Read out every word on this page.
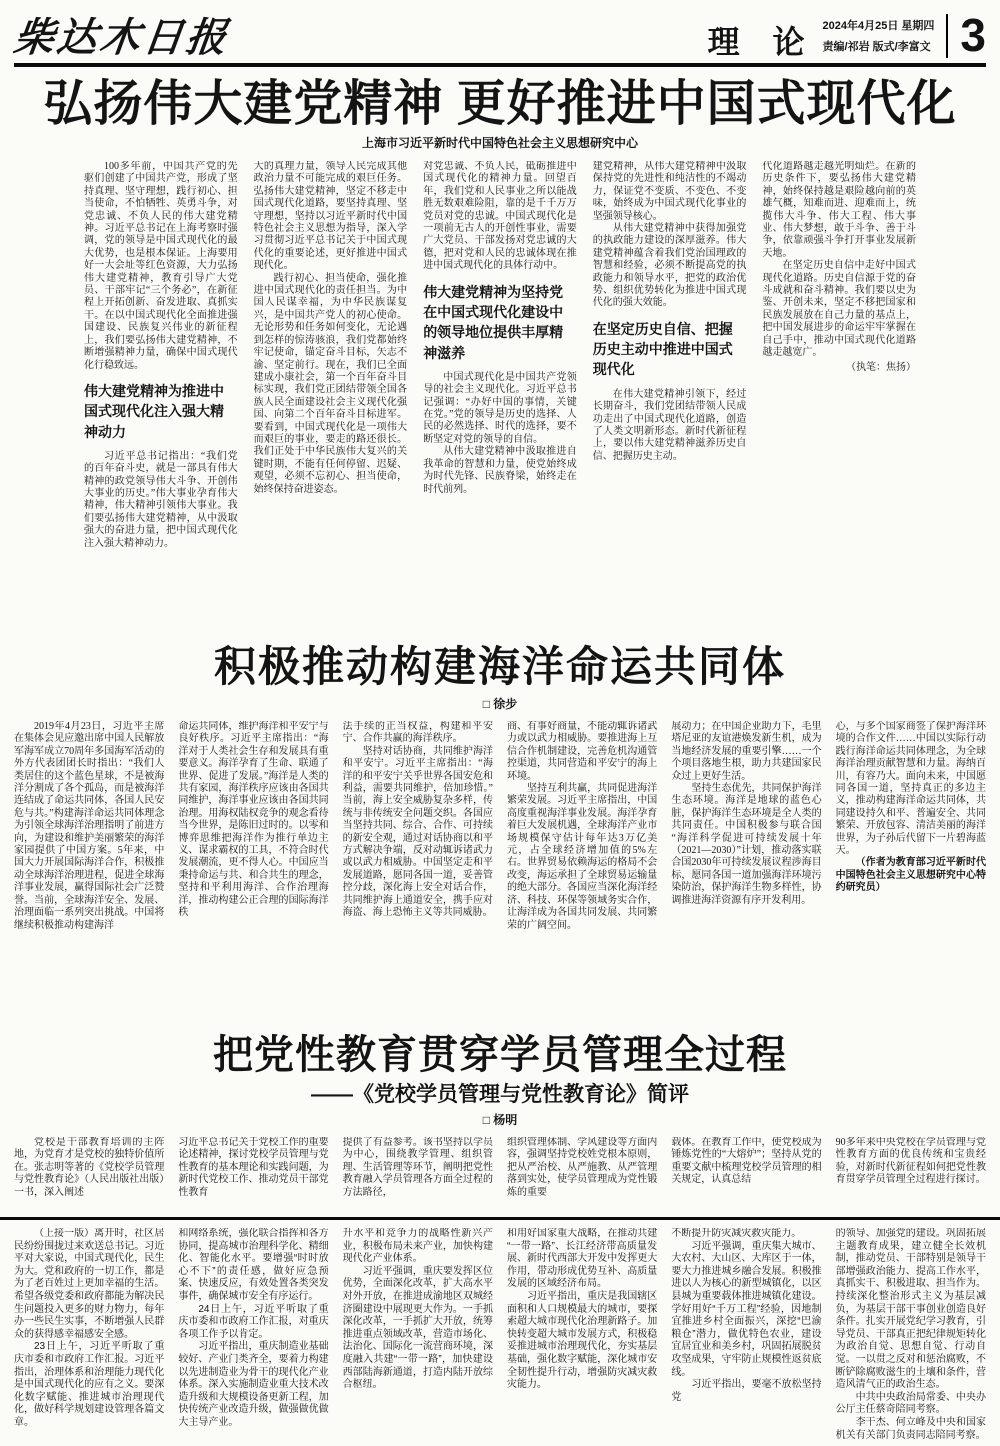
柴达木日报	理 论 2024年4月25日 星期四
责编/祁岩 版式/李富文 3
弘扬伟大建党精神 更好推进中国式现代化
上海市习近平新时代中国特色社会主义思想研究中心

100多年前，中国共产党的先驱们创建了中国共产党，形成了坚持真理、坚守理想，践行初心、担当使命，不怕牺牲、英勇斗争，对党忠诚、不负人民的伟大建党精神。习近平总书记在上海考察时强调，党的领导是中国式现代化的最大优势，也是根本保证。上海要用好一大会址等红色资源，大力弘扬伟大建党精神，教育引导广大党员、干部牢记“三个务必”，在新征程上开拓创新、奋发进取、真抓实干。在以中国式现代化全面推进强国建设、民族复兴伟业的新征程上，我们要弘扬伟大建党精神，不断增强精神力量，确保中国式现代化行稳致远。

伟大建党精神为推进中国式现代化注入强大精神动力

习近平总书记指出：“我们党的百年奋斗史，就是一部具有伟大精神的政党领导伟大斗争、开创伟大事业的历史。”伟大事业孕育伟大精神，伟大精神引领伟大事业。我们要弘扬伟大建党精神，从中汲取强大的奋进力量，把中国式现代化注入强大精神动力。

大的真理力量，领导人民完成其他政治力量不可能完成的艰巨任务。弘扬伟大建党精神，坚定不移走中国式现代化道路，要坚持真理、坚守理想，坚持以习近平新时代中国特色社会主义思想为指导，深入学习贯彻习近平总书记关于中国式现代化的重要论述，更好推进中国式现代化。

践行初心、担当使命，强化推进中国式现代化的责任担当。为中国人民谋幸福，为中华民族谋复兴，是中国共产党人的初心使命。无论形势和任务如何变化，无论遇到怎样的惊涛骇浪，我们党都始终牢记使命，锚定奋斗目标，矢志不渝、坚定前行。现在，我们已全面建成小康社会，第一个百年奋斗目标实现，我们党正团结带领全国各族人民全面建设社会主义现代化强国、向第二个百年奋斗目标进军。要看到，中国式现代化是一项伟大而艰巨的事业，要走的路还很长。我们正处于中华民族伟大复兴的关键时期，不能有任何停留、迟疑、观望，必须不忘初心、担当使命，始终保持奋进姿态。

对党忠诚、不负人民，砥砺推进中国式现代化的精神力量。回望百年，我们党和人民事业之所以能战胜无数艰难险阻，靠的是千千万万党员对党的忠诚。中国式现代化是一项前无古人的开创性事业，需要广大党员、干部发扬对党忠诚的大德，把对党和人民的忠诚体现在推进中国式现代化的具体行动中。

伟大建党精神为坚持党在中国式现代化建设中的领导地位提供丰厚精神滋养

中国式现代化是中国共产党领导的社会主义现代化。习近平总书记强调：“办好中国的事情，关键在党。”党的领导是历史的选择、人民的必然选择、时代的选择，要不断坚定对党的领导的自信。

从伟大建党精神中汲取推进自我革命的智慧和力量，使党始终成为时代先锋、民族脊梁，始终走在时代前列。

建党精神，从伟大建党精神中汲取保持党的先进性和纯洁性的不竭动力，保证党不变质、不变色、不变味，始终成为中国式现代化事业的坚强领导核心。

从伟大建党精神中获得加强党的执政能力建设的深厚滋养。伟大建党精神蕴含着我们党治国理政的智慧和经验，必须不断提高党的执政能力和领导水平，把党的政治优势、组织优势转化为推进中国式现代化的强大效能。

在坚定历史自信、把握历史主动中推进中国式现代化

在伟大建党精神引领下，经过长期奋斗，我们党团结带领人民成功走出了中国式现代化道路，创造了人类文明新形态。新时代新征程上，要以伟大建党精神滋养历史自信、把握历史主动。

代化道路越走越光明灿烂。在新的历史条件下，要弘扬伟大建党精神，始终保持越是艰险越向前的英雄气概，知难而进、迎难而上，统揽伟大斗争、伟大工程、伟大事业、伟大梦想，敢于斗争、善于斗争，依靠顽强斗争打开事业发展新天地。

在坚定历史自信中走好中国式现代化道路。历史自信源于党的奋斗成就和奋斗精神。我们要以史为鉴、开创未来，坚定不移把国家和民族发展放在自己力量的基点上，把中国发展进步的命运牢牢掌握在自己手中，推动中国式现代化道路越走越宽广。

（执笔：焦扬）

积极推动构建海洋命运共同体
□ 徐步

2019年4月23日，习近平主席在集体会见应邀出席中国人民解放军海军成立70周年多国海军活动的外方代表团团长时指出：“我们人类居住的这个蓝色星球，不是被海洋分割成了各个孤岛，而是被海洋连结成了命运共同体，各国人民安危与共。”构建海洋命运共同体理念为引领全球海洋治理指明了前进方向，为建设和维护美丽繁荣的海洋家园提供了中国方案。5年来，中国大力开展国际海洋合作，积极推动全球海洋治理进程，促进全球海洋事业发展，赢得国际社会广泛赞誉。当前，全球海洋安全、发展、治理面临一系列突出挑战。中国将继续积极推动构建海洋

命运共同体，维护海洋和平安宁与良好秩序。习近平主席指出：“海洋对于人类社会生存和发展具有重要意义。海洋孕育了生命、联通了世界、促进了发展。”海洋是人类的共有家园，海洋秩序应该由各国共同维护，海洋事业应该由各国共同治理。用海权陆权竞争的观念看待当今世界，是陈旧过时的。以零和博弈思维把海洋作为推行单边主义、谋求霸权的工具，不符合时代发展潮流，更不得人心。中国应当秉持命运与共、和合共生的理念，坚持和平利用海洋、合作治理海洋，推动构建公正合理的国际海洋秩

法手续的正当权益，构建和平安宁、合作共赢的海洋秩序。

坚持对话协商，共同维护海洋和平安宁。习近平主席指出：“海洋的和平安宁关乎世界各国安危和利益，需要共同维护，倍加珍惜。”当前，海上安全威胁复杂多样，传统与非传统安全问题交织。各国应当坚持共同、综合、合作、可持续的新安全观，通过对话协商以和平方式解决争端，反对动辄诉诸武力或以武力相威胁。中国坚定走和平发展道路，愿同各国一道，妥善管控分歧，深化海上安全对话合作，共同维护海上通道安全，携手应对海盗、海上恐怖主义等共同威胁。

商、有事好商量，不能动辄诉诸武力或以武力相威胁。要推进海上互信合作机制建设，完善危机沟通管控渠道，共同营造和平安宁的海上环境。

坚持互利共赢，共同促进海洋繁荣发展。习近平主席指出，中国高度重视海洋事业发展。海洋孕育着巨大发展机遇，全球海洋产业市场规模保守估计每年达3万亿美元，占全球经济增加值的5%左右。世界贸易依赖海运的格局不会改变，海运承担了全球贸易运输量的绝大部分。各国应当深化海洋经济、科技、环保等领域务实合作，让海洋成为各国共同发展、共同繁荣的广阔空间。

展动力；在中国企业助力下，毛里塔尼亚的友谊港焕发新生机，成为当地经济发展的重要引擎……一个个项目落地生根，助力共建国家民众过上更好生活。

坚持生态优先，共同保护海洋生态环境。海洋是地球的蓝色心脏，保护海洋生态环境是全人类的共同责任。中国积极参与联合国“海洋科学促进可持续发展十年（2021—2030）”计划，推动落实联合国2030年可持续发展议程涉海目标，愿同各国一道加强海洋环境污染防治，保护海洋生物多样性，协调推进海洋资源有序开发利用。

心，与多个国家商签了保护海洋环境的合作文件……中国以实际行动践行海洋命运共同体理念，为全球海洋治理贡献智慧和力量。海纳百川，有容乃大。面向未来，中国愿同各国一道，坚持真正的多边主义，推动构建海洋命运共同体，共同建设持久和平、普遍安全、共同繁荣、开放包容、清洁美丽的海洋世界，为子孙后代留下一片碧海蓝天。

（作者为教育部习近平新时代中国特色社会主义思想研究中心特约研究员）

把党性教育贯穿学员管理全过程
——《党校学员管理与党性教育论》简评
□ 杨明

党校是干部教育培训的主阵地，为党育才是党校的独特价值所在。张志明等著的《党校学员管理与党性教育论》（人民出版社出版）一书，深入阐述

习近平总书记关于党校工作的重要论述精神，探讨党校学员管理与党性教育的基本理论和实践问题，为新时代党校工作、推动党员干部党性教育

提供了有益参考。该书坚持以学员为中心，围绕教学管理、组织管理、生活管理等环节，阐明把党性教育融入学员管理各方面全过程的方法路径，

组织管理体制、学风建设等方面内容，强调坚持党校姓党根本原则，把从严治校、从严施教、从严管理落到实处，使学员管理成为党性锻炼的重要

载体。在教育工作中，使党校成为锤炼党性的“大熔炉”；坚持从党的重要文献中梳理党校学员管理的相关规定，认真总结

90多年来中央党校在学员管理与党性教育方面的优良传统和宝贵经验，对新时代新征程如何把党性教育贯穿学员管理全过程进行探讨。

（上接一版）离开时，社区居民纷纷围拢过来欢送总书记。习近平对大家说，中国式现代化，民生为大。党和政府的一切工作，都是为了老百姓过上更加幸福的生活。希望各级党委和政府都能为解决民生问题投入更多的财力物力，每年办一些民生实事，不断增强人民群众的获得感幸福感安全感。

23日上午，习近平听取了重庆市委和市政府工作汇报。习近平指出，治理体系和治理能力现代化是中国式现代化的应有之义。要深化数字赋能、推进城市治理现代化，做好科学规划建设管理各篇文章。

和网络系统，强化联合指挥和各方协同，提高城市治理科学化、精细化、智能化水平。要增强“时时放心不下”的责任感，做好应急预案、快速反应，有效处置各类突发事件，确保城市安全有序运行。

24日上午，习近平听取了重庆市委和市政府工作汇报，对重庆各项工作予以肯定。

习近平指出，重庆制造业基础较好、产业门类齐全，要着力构建以先进制造业为骨干的现代化产业体系。深入实施制造业重大技术改造升级和大规模设备更新工程，加快传统产业改造升级，做强做优做大主导产业。

升水平和竞争力的战略性新兴产业，积极布局未来产业，加快构建现代化产业体系。

习近平强调，重庆要发挥区位优势，全面深化改革，扩大高水平对外开放，在推进成渝地区双城经济圈建设中展现更大作为。一手抓深化改革，一手抓扩大开放，统筹推进重点领域改革，营造市场化、法治化、国际化一流营商环境，深度融入共建“一带一路”，加快建设西部陆海新通道，打造内陆开放综合枢纽。

和用好国家重大战略，在推动共建“一带一路”、长江经济带高质量发展、新时代西部大开发中发挥更大作用，带动形成优势互补、高质量发展的区域经济布局。

习近平指出，重庆是我国辖区面积和人口规模最大的城市，要探索超大城市现代化治理新路子。加快转变超大城市发展方式，积极稳妥推进城市治理现代化，夯实基层基础，强化数字赋能，深化城市安全韧性提升行动，增强防灾减灾救灾能力。

不断提升防灾减灾救灾能力。

习近平强调，重庆集大城市、大农村、大山区、大库区于一体，要大力推进城乡融合发展。积极推进以人为核心的新型城镇化，以区县城为重要载体推进城镇化建设。学好用好“千万工程”经验，因地制宜推进乡村全面振兴，深挖“巴渝粮仓”潜力，做优特色农业，建设宜居宜业和美乡村，巩固拓展脱贫攻坚成果，守牢防止规模性返贫底线。

习近平指出，要毫不放松坚持党

的领导、加强党的建设。巩固拓展主题教育成果，建立健全长效机制，推动党员、干部特别是领导干部增强政治能力、提高工作水平，真抓实干、积极进取、担当作为。持续深化整治形式主义为基层减负，为基层干部干事创业创造良好条件。扎实开展党纪学习教育，引导党员、干部真正把纪律规矩转化为政治自觉、思想自觉、行动自觉。一以贯之反对和惩治腐败，不断铲除腐败滋生的土壤和条件，营造风清气正的政治生态。

中共中央政治局常委、中央办公厅主任蔡奇陪同考察。

李干杰、何立峰及中央和国家机关有关部门负责同志陪同考察。
